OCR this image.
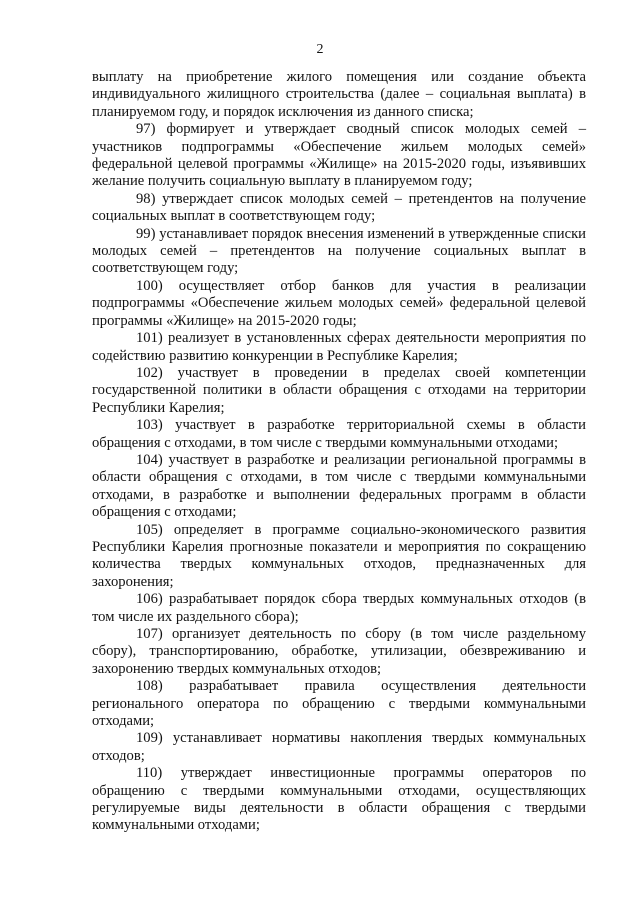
2

выплату на приобретение жилого помещения или создание объекта индивидуального жилищного строительства (далее – социальная выплата) в планируемом году, и порядок исключения из данного списка;

97) формирует и утверждает сводный список молодых семей – участников подпрограммы «Обеспечение жильем молодых семей» федеральной целевой программы «Жилище» на 2015-2020 годы, изъявивших желание получить социальную выплату в планируемом году;

98) утверждает список молодых семей – претендентов на получение социальных выплат в соответствующем году;

99) устанавливает порядок внесения изменений в утвержденные списки молодых семей – претендентов на получение социальных выплат в соответствующем году;

100) осуществляет отбор банков для участия в реализации подпрограммы «Обеспечение жильем молодых семей» федеральной целевой программы «Жилище» на 2015-2020 годы;

101) реализует в установленных сферах деятельности мероприятия по содействию развитию конкуренции в Республике Карелия;

102) участвует в проведении в пределах своей компетенции государственной политики в области обращения с отходами на территории Республики Карелия;

103) участвует в разработке территориальной схемы в области обращения с отходами, в том числе с твердыми коммунальными отходами;

104) участвует в разработке и реализации региональной программы в области обращения с отходами, в том числе с твердыми коммунальными отходами, в разработке и выполнении федеральных программ в области обращения с отходами;

105) определяет в программе социально-экономического развития Республики Карелия прогнозные показатели и мероприятия по сокращению количества твердых коммунальных отходов, предназначенных для захоронения;

106) разрабатывает порядок сбора твердых коммунальных отходов (в том числе их раздельного сбора);

107) организует деятельность по сбору (в том числе раздельному сбору), транспортированию, обработке, утилизации, обезвреживанию и захоронению твердых коммунальных отходов;

108) разрабатывает правила осуществления деятельности регионального оператора по обращению с твердыми коммунальными отходами;

109) устанавливает нормативы накопления твердых коммунальных отходов;

110) утверждает инвестиционные программы операторов по обращению с твердыми коммунальными отходами, осуществляющих регулируемые виды деятельности в области обращения с твердыми коммунальными отходами;
